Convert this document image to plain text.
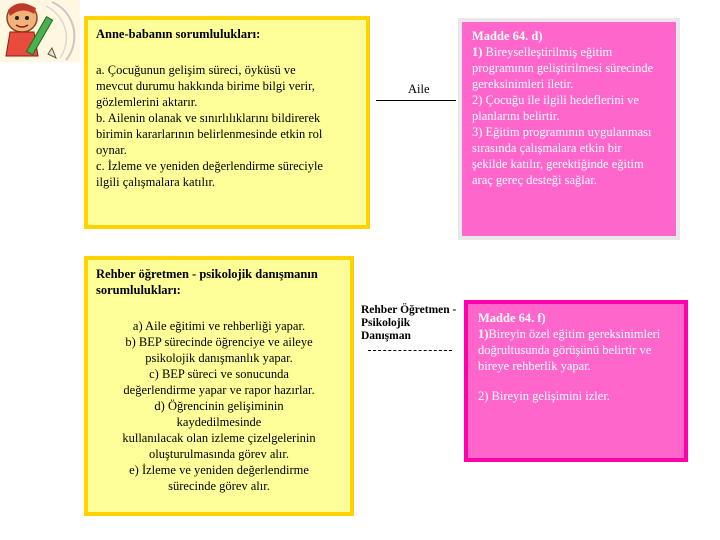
Anne-babanın sorumlulukları:
a. Çocuğunun gelişim süreci, öyküsü ve
mevcut durumu hakkında birime bilgi verir,
gözlemlerini aktarır.
b. Ailenin olanak ve sınırlılıklarını bildirerek
birimin kararlarının belirlenmesinde etkin rol
oynar.
c. İzleme ve yeniden değerlendirme süreciyle
ilgili çalışmalara katılır.
Aile
Madde 64. d)
1) Bireyselleştirilmiş eğitim
programının geliştirilmesi sürecinde
gereksinimleri iletir.
2) Çocuğu ile ilgili hedeflerini ve
planlarını belirtir.
3) Eğitim programının uygulanması
sırasında çalışmalara etkin bir
şekilde katılır, gerektiğinde eğitim
araç gereç desteği sağlar.
Rehber öğretmen - psikolojik danışmanın
sorumlulukları:
a) Aile eğitimi ve rehberliği yapar.
b) BEP sürecinde öğrenciye ve aileye
psikolojik danışmanlık yapar.
c) BEP süreci ve sonucunda
değerlendirme yapar ve rapor hazırlar.
d) Öğrencinin gelişiminin
kaydedilmesinde
kullanılacak olan izleme çizelgelerinin
oluşturulmasında görev alır.
e) İzleme ve yeniden değerlendirme
sürecinde görev alır.
Rehber Öğretmen -
Psikolojik
Danışman
Madde 64. f)
1)Bireyin özel eğitim gereksinimleri
doğrultusunda görüşünü belirtir ve
bireye rehberlik yapar.
2) Bireyin gelişimini izler.
